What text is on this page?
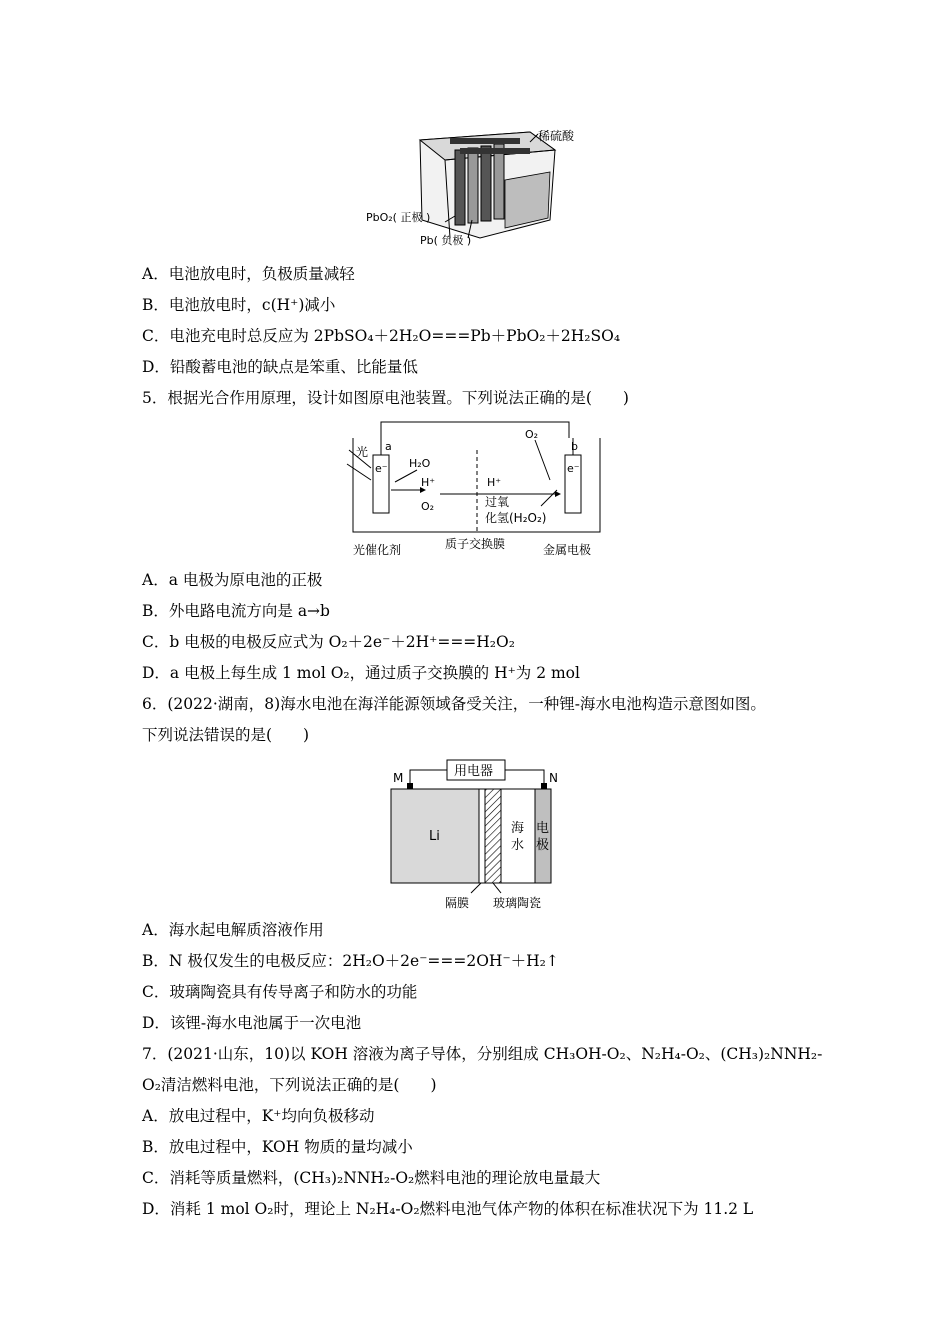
稀硫酸
PbO₂( 正极 )
Pb( 负极 )
A．电池放电时，负极质量减轻
B．电池放电时，c(H⁺)减小
C．电池充电时总反应为 2PbSO₄＋2H₂O===Pb＋PbO₂＋2H₂SO₄
D．铅酸蓄电池的缺点是笨重、比能量低
5．根据光合作用原理，设计如图原电池装置。下列说法正确的是(　　)
光 a	b
e⁻	e⁻
H₂O
H⁺
O₂
H⁺
O₂
过氧
化氢(H₂O₂)
光催化剂	质子交换膜	金属电极
A．a 电极为原电池的正极
B．外电路电流方向是 a→b
C．b 电极的电极反应式为 O₂＋2e⁻＋2H⁺===H₂O₂
D．a 电极上每生成 1 mol O₂，通过质子交换膜的 H⁺为 2 mol
6．(2022·湖南，8)海水电池在海洋能源领域备受关注，一种锂-海水电池构造示意图如图。
下列说法错误的是(　　)
用电器
M	N
Li
海
水
电
极
隔膜 玻璃陶瓷
A．海水起电解质溶液作用
B．N 极仅发生的电极反应：2H₂O＋2e⁻===2OH⁻＋H₂↑
C．玻璃陶瓷具有传导离子和防水的功能
D．该锂-海水电池属于一次电池
7．(2021·山东，10)以 KOH 溶液为离子导体，分别组成 CH₃OH-O₂、N₂H₄-O₂、(CH₃)₂NNH₂-
O₂清洁燃料电池，下列说法正确的是(　　)
A．放电过程中，K⁺均向负极移动
B．放电过程中，KOH 物质的量均减小
C．消耗等质量燃料，(CH₃)₂NNH₂-O₂燃料电池的理论放电量最大
D．消耗 1 mol O₂时，理论上 N₂H₄-O₂燃料电池气体产物的体积在标准状况下为 11.2 L
